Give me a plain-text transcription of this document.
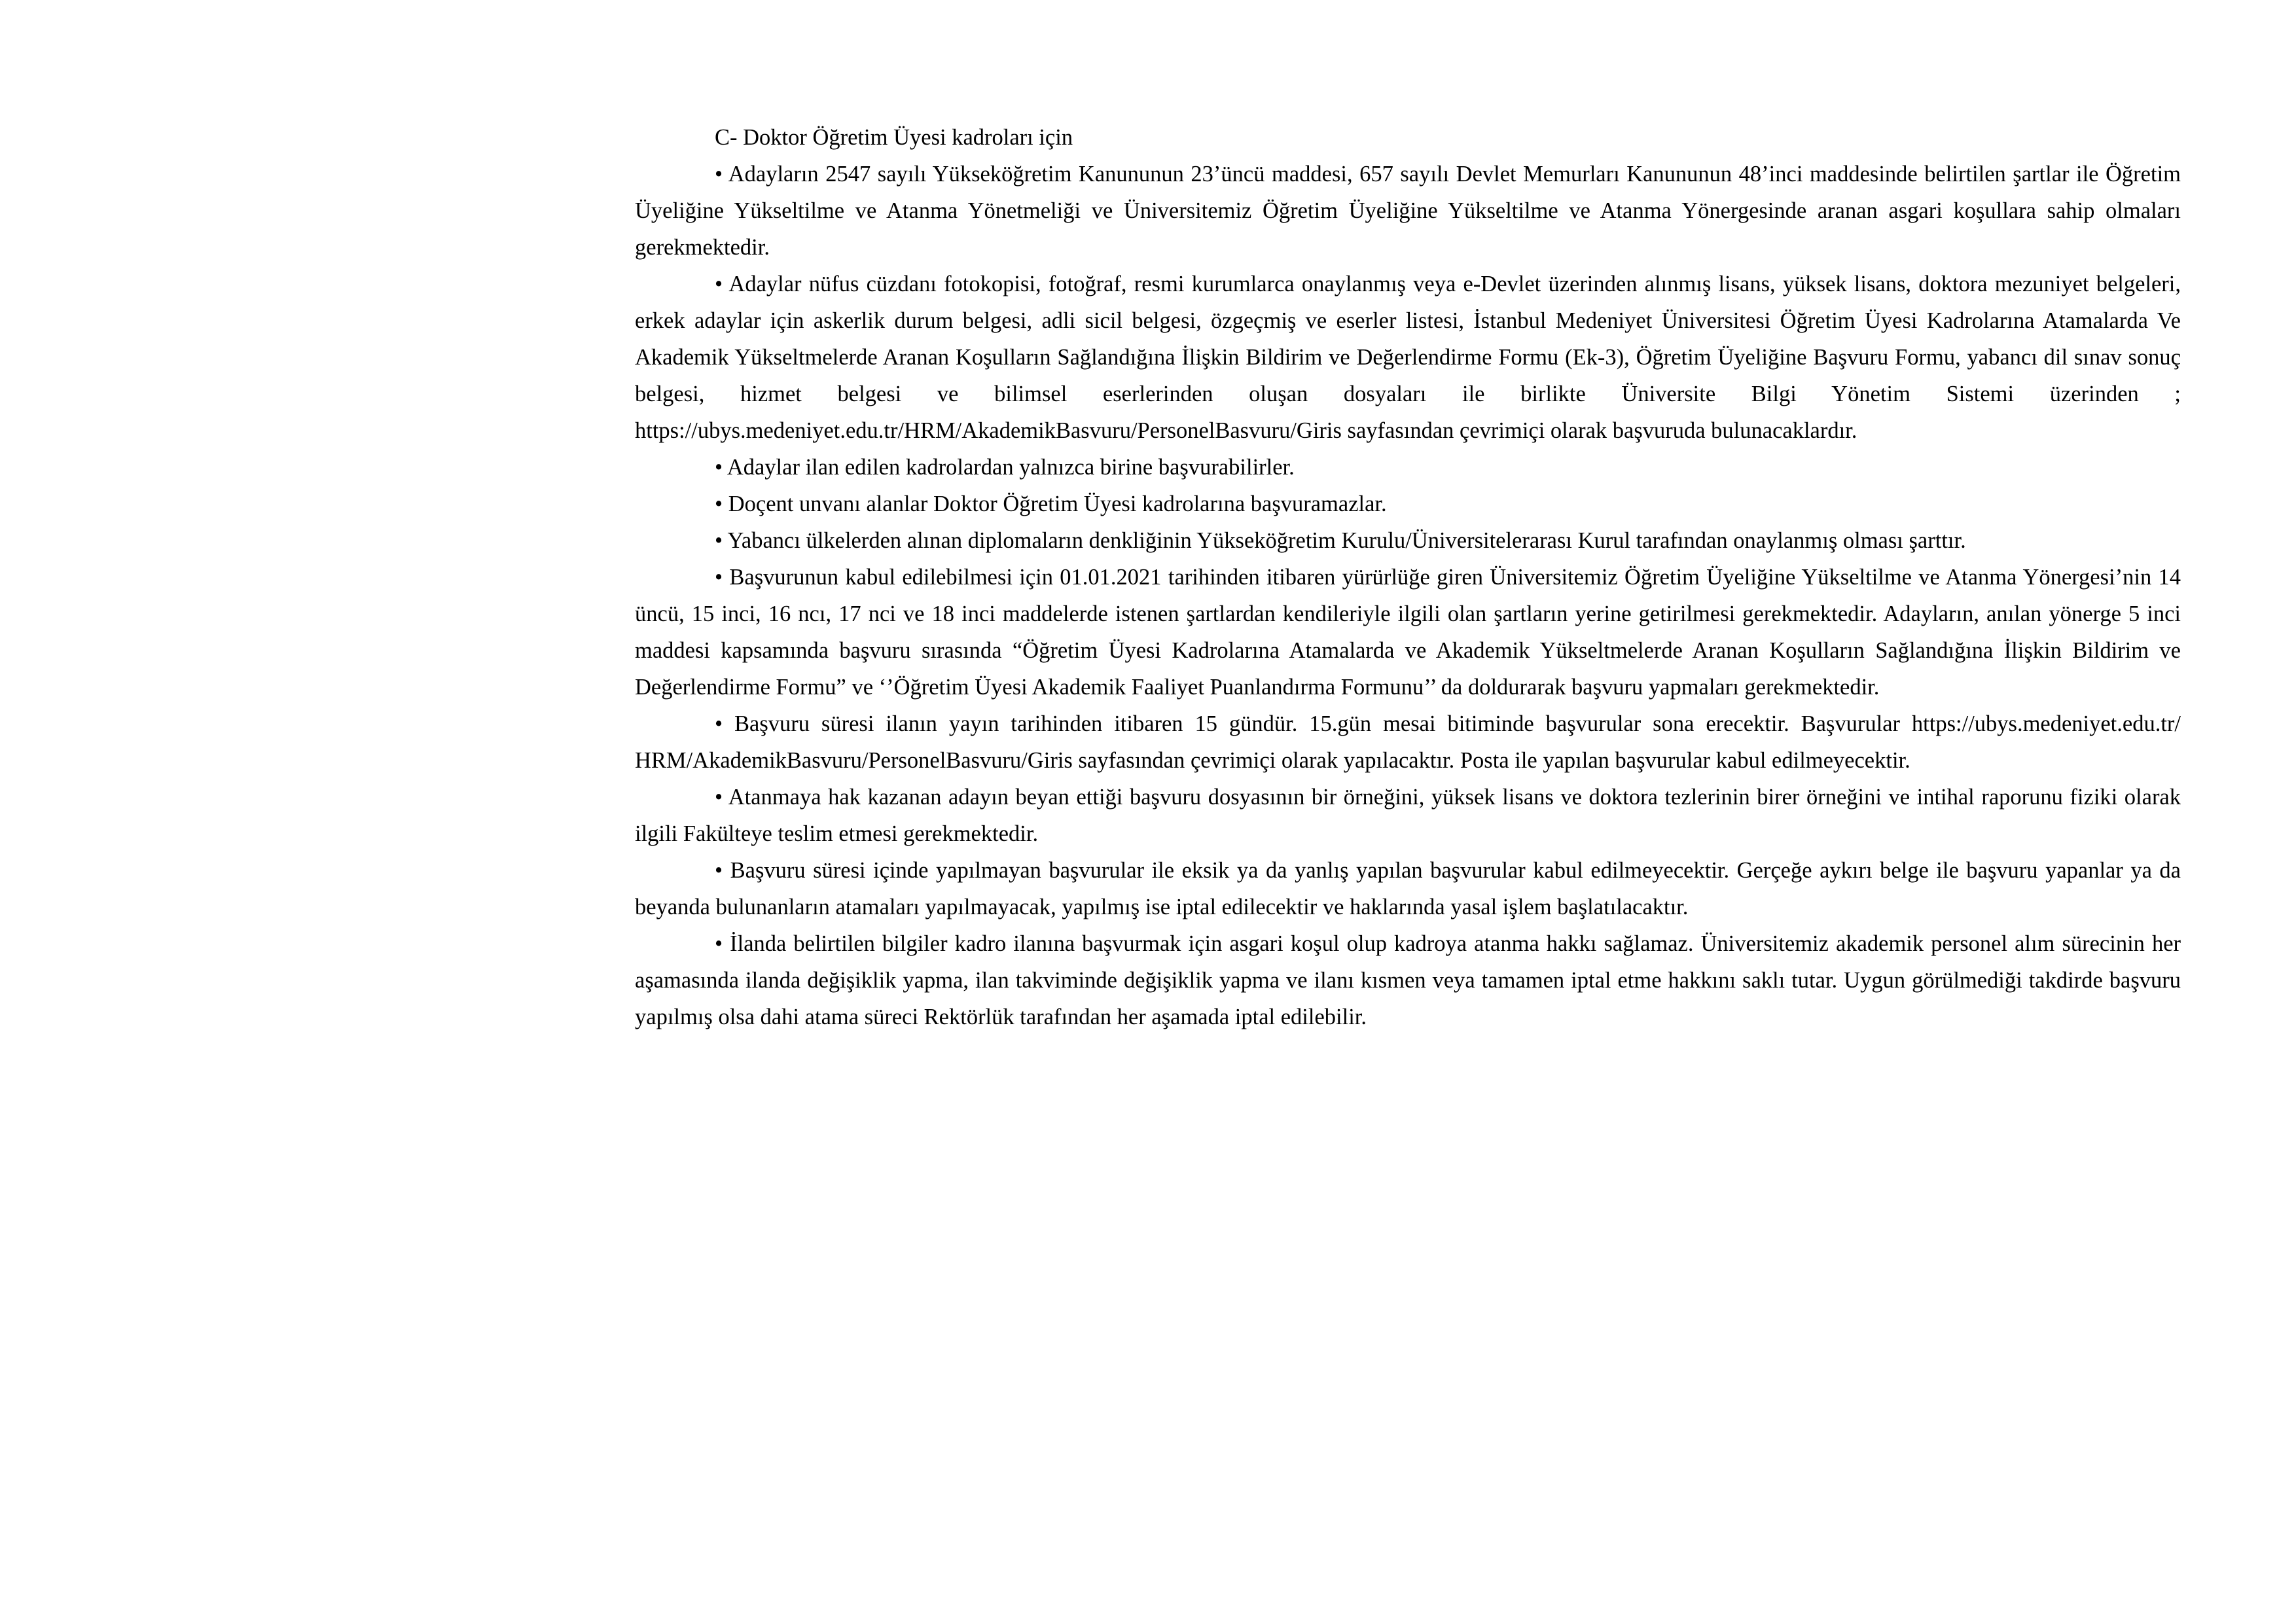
C- Doktor Öğretim Üyesi kadroları için

• Adayların 2547 sayılı Yükseköğretim Kanununun 23’üncü maddesi, 657 sayılı Devlet Memurları Kanununun 48’inci maddesinde belirtilen şartlar ile Öğretim Üyeliğine Yükseltilme ve Atanma Yönetmeliği ve Üniversitemiz Öğretim Üyeliğine Yükseltilme ve Atanma Yönergesinde aranan asgari koşullara sahip olmaları gerekmektedir.

• Adaylar nüfus cüzdanı fotokopisi, fotoğraf, resmi kurumlarca onaylanmış veya e-Devlet üzerinden alınmış lisans, yüksek lisans, doktora mezuniyet belgeleri, erkek adaylar için askerlik durum belgesi, adli sicil belgesi, özgeçmiş ve eserler listesi, İstanbul Medeniyet Üniversitesi Öğretim Üyesi Kadrolarına Atamalarda Ve Akademik Yükseltmelerde Aranan Koşulların Sağlandığına İlişkin Bildirim ve Değerlendirme Formu (Ek-3), Öğretim Üyeliğine Başvuru Formu, yabancı dil sınav sonuç belgesi, hizmet belgesi ve bilimsel eserlerinden oluşan dosyaları ile birlikte Üniversite Bilgi Yönetim Sistemi üzerinden ; https://ubys.medeniyet.edu.tr/HRM/AkademikBasvuru/PersonelBasvuru/Giris sayfasından çevrimiçi olarak başvuruda bulunacaklardır.

• Adaylar ilan edilen kadrolardan yalnızca birine başvurabilirler.

• Doçent unvanı alanlar Doktor Öğretim Üyesi kadrolarına başvuramazlar.

• Yabancı ülkelerden alınan diplomaların denkliğinin Yükseköğretim Kurulu/Üniversitelerarası Kurul tarafından onaylanmış olması şarttır.

• Başvurunun kabul edilebilmesi için 01.01.2021 tarihinden itibaren yürürlüğe giren Üniversitemiz Öğretim Üyeliğine Yükseltilme ve Atanma Yönergesi’nin 14 üncü, 15 inci, 16 ncı, 17 nci ve 18 inci maddelerde istenen şartlardan kendileriyle ilgili olan şartların yerine getirilmesi gerekmektedir. Adayların, anılan yönerge 5 inci maddesi kapsamında başvuru sırasında “Öğretim Üyesi Kadrolarına Atamalarda ve Akademik Yükseltmelerde Aranan Koşulların Sağlandığına İlişkin Bildirim ve Değerlendirme Formu” ve ‘’Öğretim Üyesi Akademik Faaliyet Puanlandırma Formunu’’ da doldurarak başvuru yapmaları gerekmektedir.

• Başvuru süresi ilanın yayın tarihinden itibaren 15 gündür. 15.gün mesai bitiminde başvurular sona erecektir. Başvurular https://ubys.medeniyet.edu.tr/ HRM/AkademikBasvuru/PersonelBasvuru/Giris sayfasından çevrimiçi olarak yapılacaktır. Posta ile yapılan başvurular kabul edilmeyecektir.

• Atanmaya hak kazanan adayın beyan ettiği başvuru dosyasının bir örneğini, yüksek lisans ve doktora tezlerinin birer örneğini ve intihal raporunu fiziki olarak ilgili Fakülteye teslim etmesi gerekmektedir.

• Başvuru süresi içinde yapılmayan başvurular ile eksik ya da yanlış yapılan başvurular kabul edilmeyecektir. Gerçeğe aykırı belge ile başvuru yapanlar ya da beyanda bulunanların atamaları yapılmayacak, yapılmış ise iptal edilecektir ve haklarında yasal işlem başlatılacaktır.

• İlanda belirtilen bilgiler kadro ilanına başvurmak için asgari koşul olup kadroya atanma hakkı sağlamaz. Üniversitemiz akademik personel alım sürecinin her aşamasında ilanda değişiklik yapma, ilan takviminde değişiklik yapma ve ilanı kısmen veya tamamen iptal etme hakkını saklı tutar. Uygun görülmediği takdirde başvuru yapılmış olsa dahi atama süreci Rektörlük tarafından her aşamada iptal edilebilir.
